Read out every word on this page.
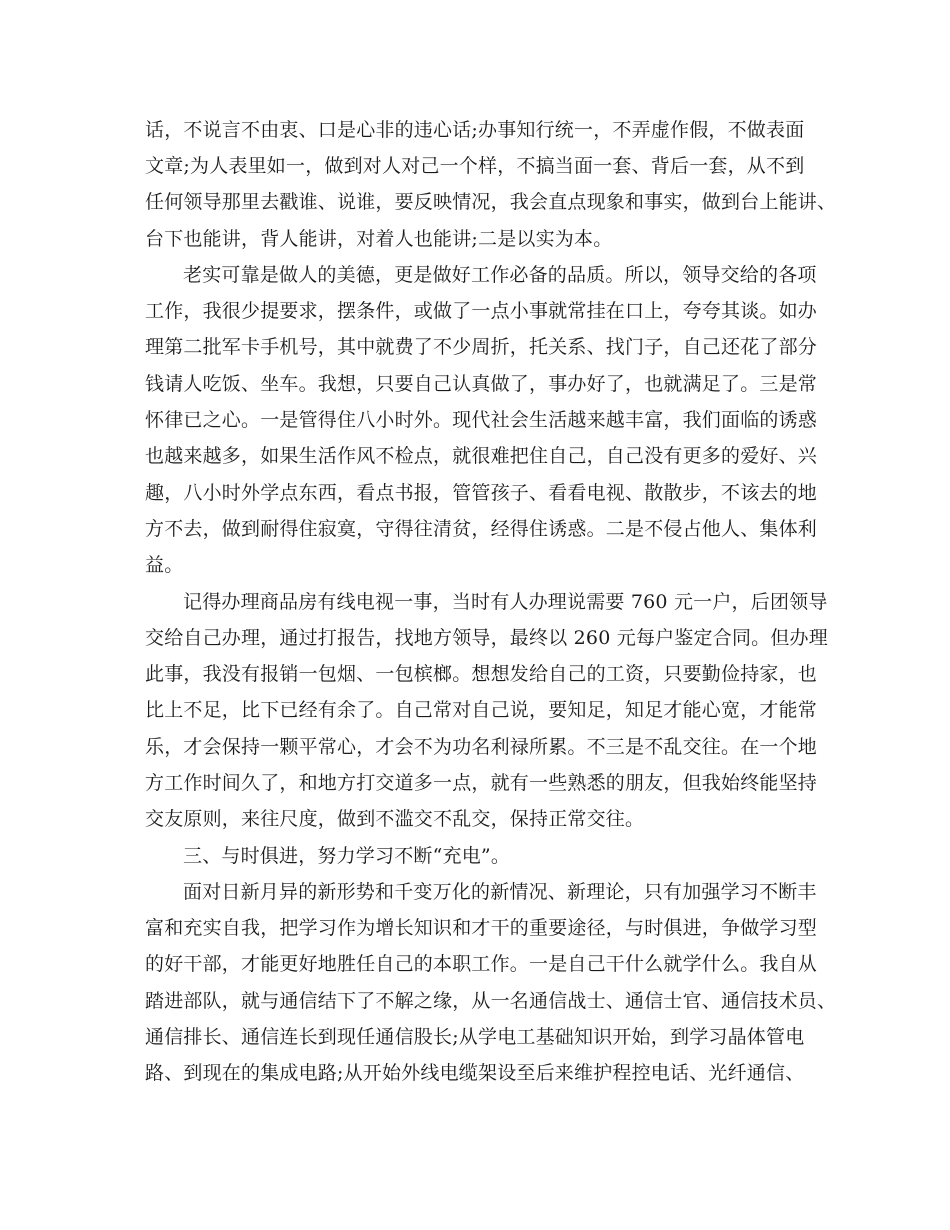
话，不说言不由衷、口是心非的违心话;办事知行统一，不弄虚作假，不做表面
文章;为人表里如一，做到对人对己一个样，不搞当面一套、背后一套，从不到
任何领导那里去戳谁、说谁，要反映情况，我会直点现象和事实，做到台上能讲、
台下也能讲，背人能讲，对着人也能讲;二是以实为本。
老实可靠是做人的美德，更是做好工作必备的品质。所以，领导交给的各项
工作，我很少提要求，摆条件，或做了一点小事就常挂在口上，夸夸其谈。如办
理第二批军卡手机号，其中就费了不少周折，托关系、找门子，自己还花了部分
钱请人吃饭、坐车。我想，只要自己认真做了，事办好了，也就满足了。三是常
怀律已之心。一是管得住八小时外。现代社会生活越来越丰富，我们面临的诱惑
也越来越多，如果生活作风不检点，就很难把住自己，自己没有更多的爱好、兴
趣，八小时外学点东西，看点书报，管管孩子、看看电视、散散步，不该去的地
方不去，做到耐得住寂寞，守得往清贫，经得住诱惑。二是不侵占他人、集体利
益。
记得办理商品房有线电视一事，当时有人办理说需要 760 元一户，后团领导
交给自己办理，通过打报告，找地方领导，最终以 260 元每户鉴定合同。但办理
此事，我没有报销一包烟、一包槟榔。想想发给自己的工资，只要勤俭持家，也
比上不足，比下已经有余了。自己常对自己说，要知足，知足才能心宽，才能常
乐，才会保持一颗平常心，才会不为功名利禄所累。不三是不乱交往。在一个地
方工作时间久了，和地方打交道多一点，就有一些熟悉的朋友，但我始终能坚持
交友原则，来往尺度，做到不滥交不乱交，保持正常交往。
三、与时俱进，努力学习不断“充电”。
面对日新月异的新形势和千变万化的新情况、新理论，只有加强学习不断丰
富和充实自我，把学习作为增长知识和才干的重要途径，与时俱进，争做学习型
的好干部，才能更好地胜任自己的本职工作。一是自己干什么就学什么。我自从
踏进部队，就与通信结下了不解之缘，从一名通信战士、通信士官、通信技术员、
通信排长、通信连长到现任通信股长;从学电工基础知识开始，到学习晶体管电
路、到现在的集成电路;从开始外线电缆架设至后来维护程控电话、光纤通信、
